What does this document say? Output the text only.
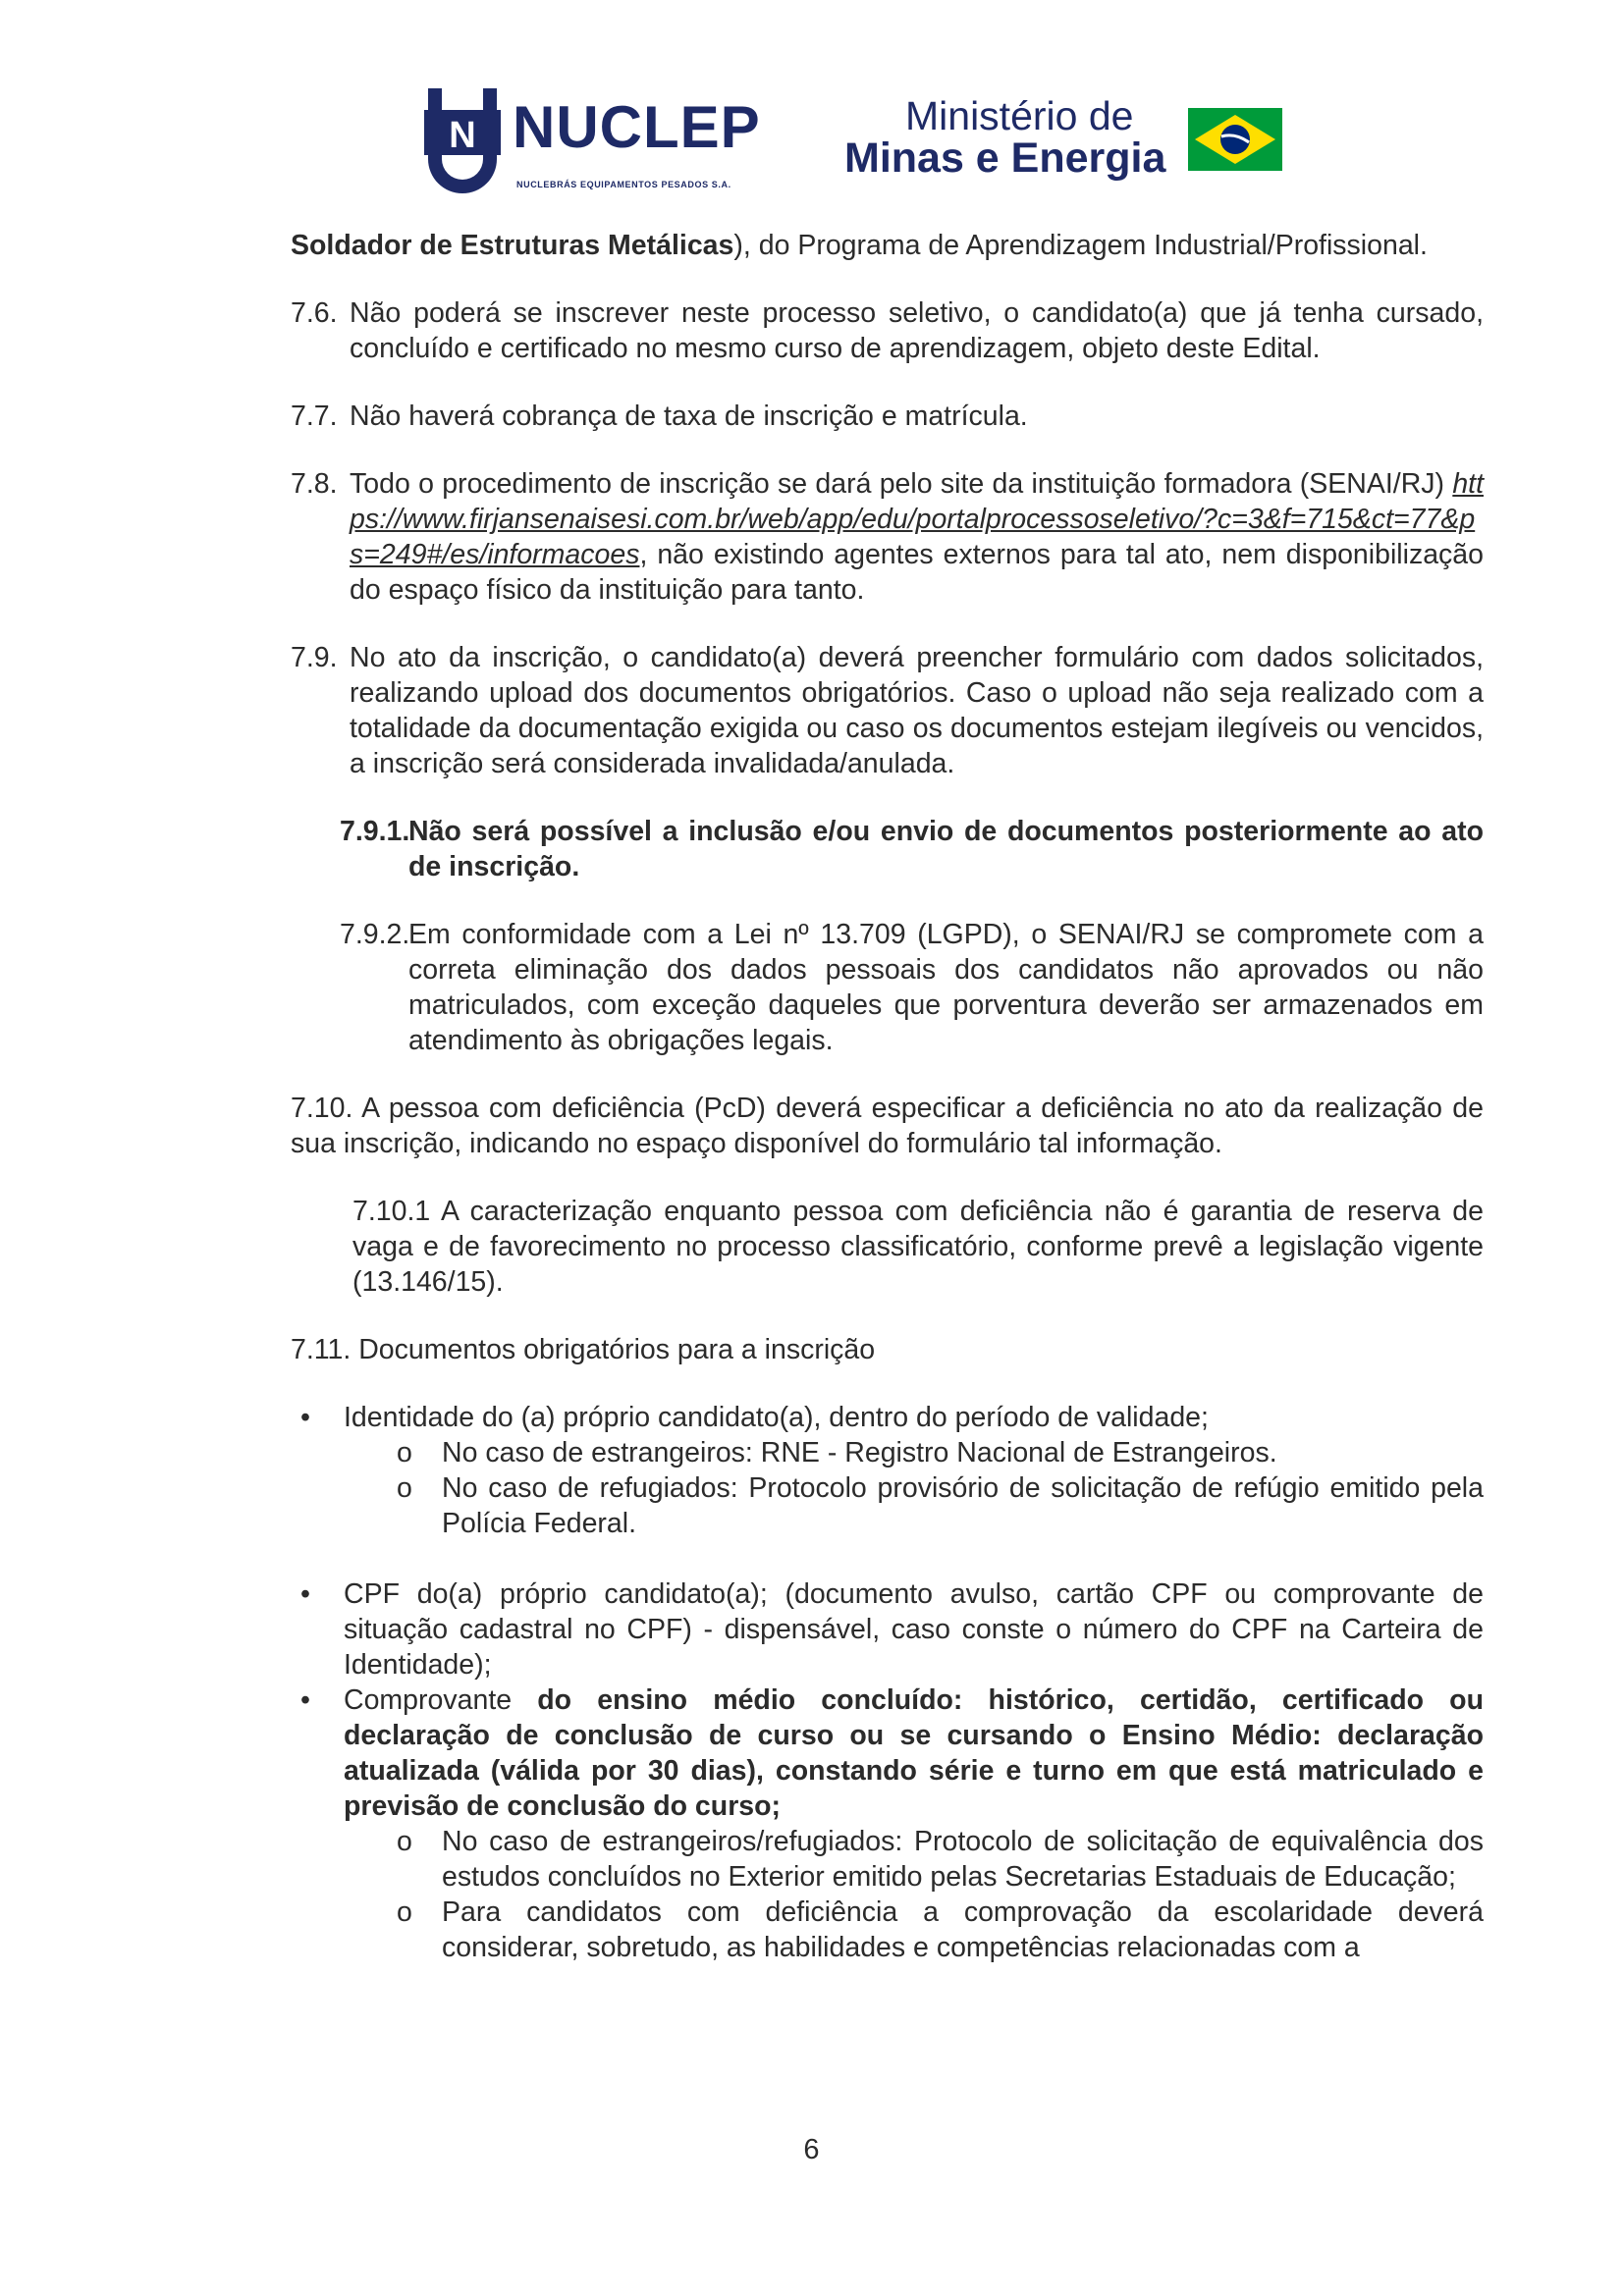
N NUCLEP
NUCLEBRÁS EQUIPAMENTOS PESADOS S.A.
Ministério de
Minas e Energia

Soldador de Estruturas Metálicas), do Programa de Aprendizagem Industrial/Profissional.

7.6. Não poderá se inscrever neste processo seletivo, o candidato(a) que já tenha cursado, concluído e certificado no mesmo curso de aprendizagem, objeto deste Edital.
7.7. Não haverá cobrança de taxa de inscrição e matrícula.
7.8. Todo o procedimento de inscrição se dará pelo site da instituição formadora (SENAI/RJ) https://www.firjansenaisesi.com.br/web/app/edu/portalprocessoseletivo/?c=3&f=715&ct=77&ps=249#/es/informacoes, não existindo agentes externos para tal ato, nem disponibilização do espaço físico da instituição para tanto.
7.9. No ato da inscrição, o candidato(a) deverá preencher formulário com dados solicitados, realizando upload dos documentos obrigatórios. Caso o upload não seja realizado com a totalidade da documentação exigida ou caso os documentos estejam ilegíveis ou vencidos, a inscrição será considerada invalidada/anulada.
7.9.1.
Não será possível a inclusão e/ou envio de documentos posteriormente ao ato de inscrição.
7.9.2.
Em conformidade com a Lei nº 13.709 (LGPD), o SENAI/RJ se compromete com a correta eliminação dos dados pessoais dos candidatos não aprovados ou não matriculados, com exceção daqueles que porventura deverão ser armazenados em atendimento às obrigações legais.

7.10. A pessoa com deficiência (PcD) deverá especificar a deficiência no ato da realização de sua inscrição, indicando no espaço disponível do formulário tal informação.

7.10.1 A caracterização enquanto pessoa com deficiência não é garantia de reserva de vaga e de favorecimento no processo classificatório, conforme prevê a legislação vigente (13.146/15).

7.11. Documentos obrigatórios para a inscrição

•	Identidade do (a) próprio candidato(a), dentro do período de validade;
o	No caso de estrangeiros: RNE - Registro Nacional de Estrangeiros.
o	No caso de refugiados: Protocolo provisório de solicitação de refúgio emitido pela Polícia Federal.
•	CPF do(a) próprio candidato(a); (documento avulso, cartão CPF ou comprovante de situação cadastral no CPF) - dispensável, caso conste o número do CPF na Carteira de Identidade);
•	Comprovante do ensino médio concluído: histórico, certidão, certificado ou declaração de conclusão de curso ou se cursando o Ensino Médio: declaração atualizada (válida por 30 dias), constando série e turno em que está matriculado e previsão de conclusão do curso;
o	No caso de estrangeiros/refugiados: Protocolo de solicitação de equivalência dos estudos concluídos no Exterior emitido pelas Secretarias Estaduais de Educação;
o	Para candidatos com deficiência a comprovação da escolaridade deverá considerar, sobretudo, as habilidades e competências relacionadas com a
6
